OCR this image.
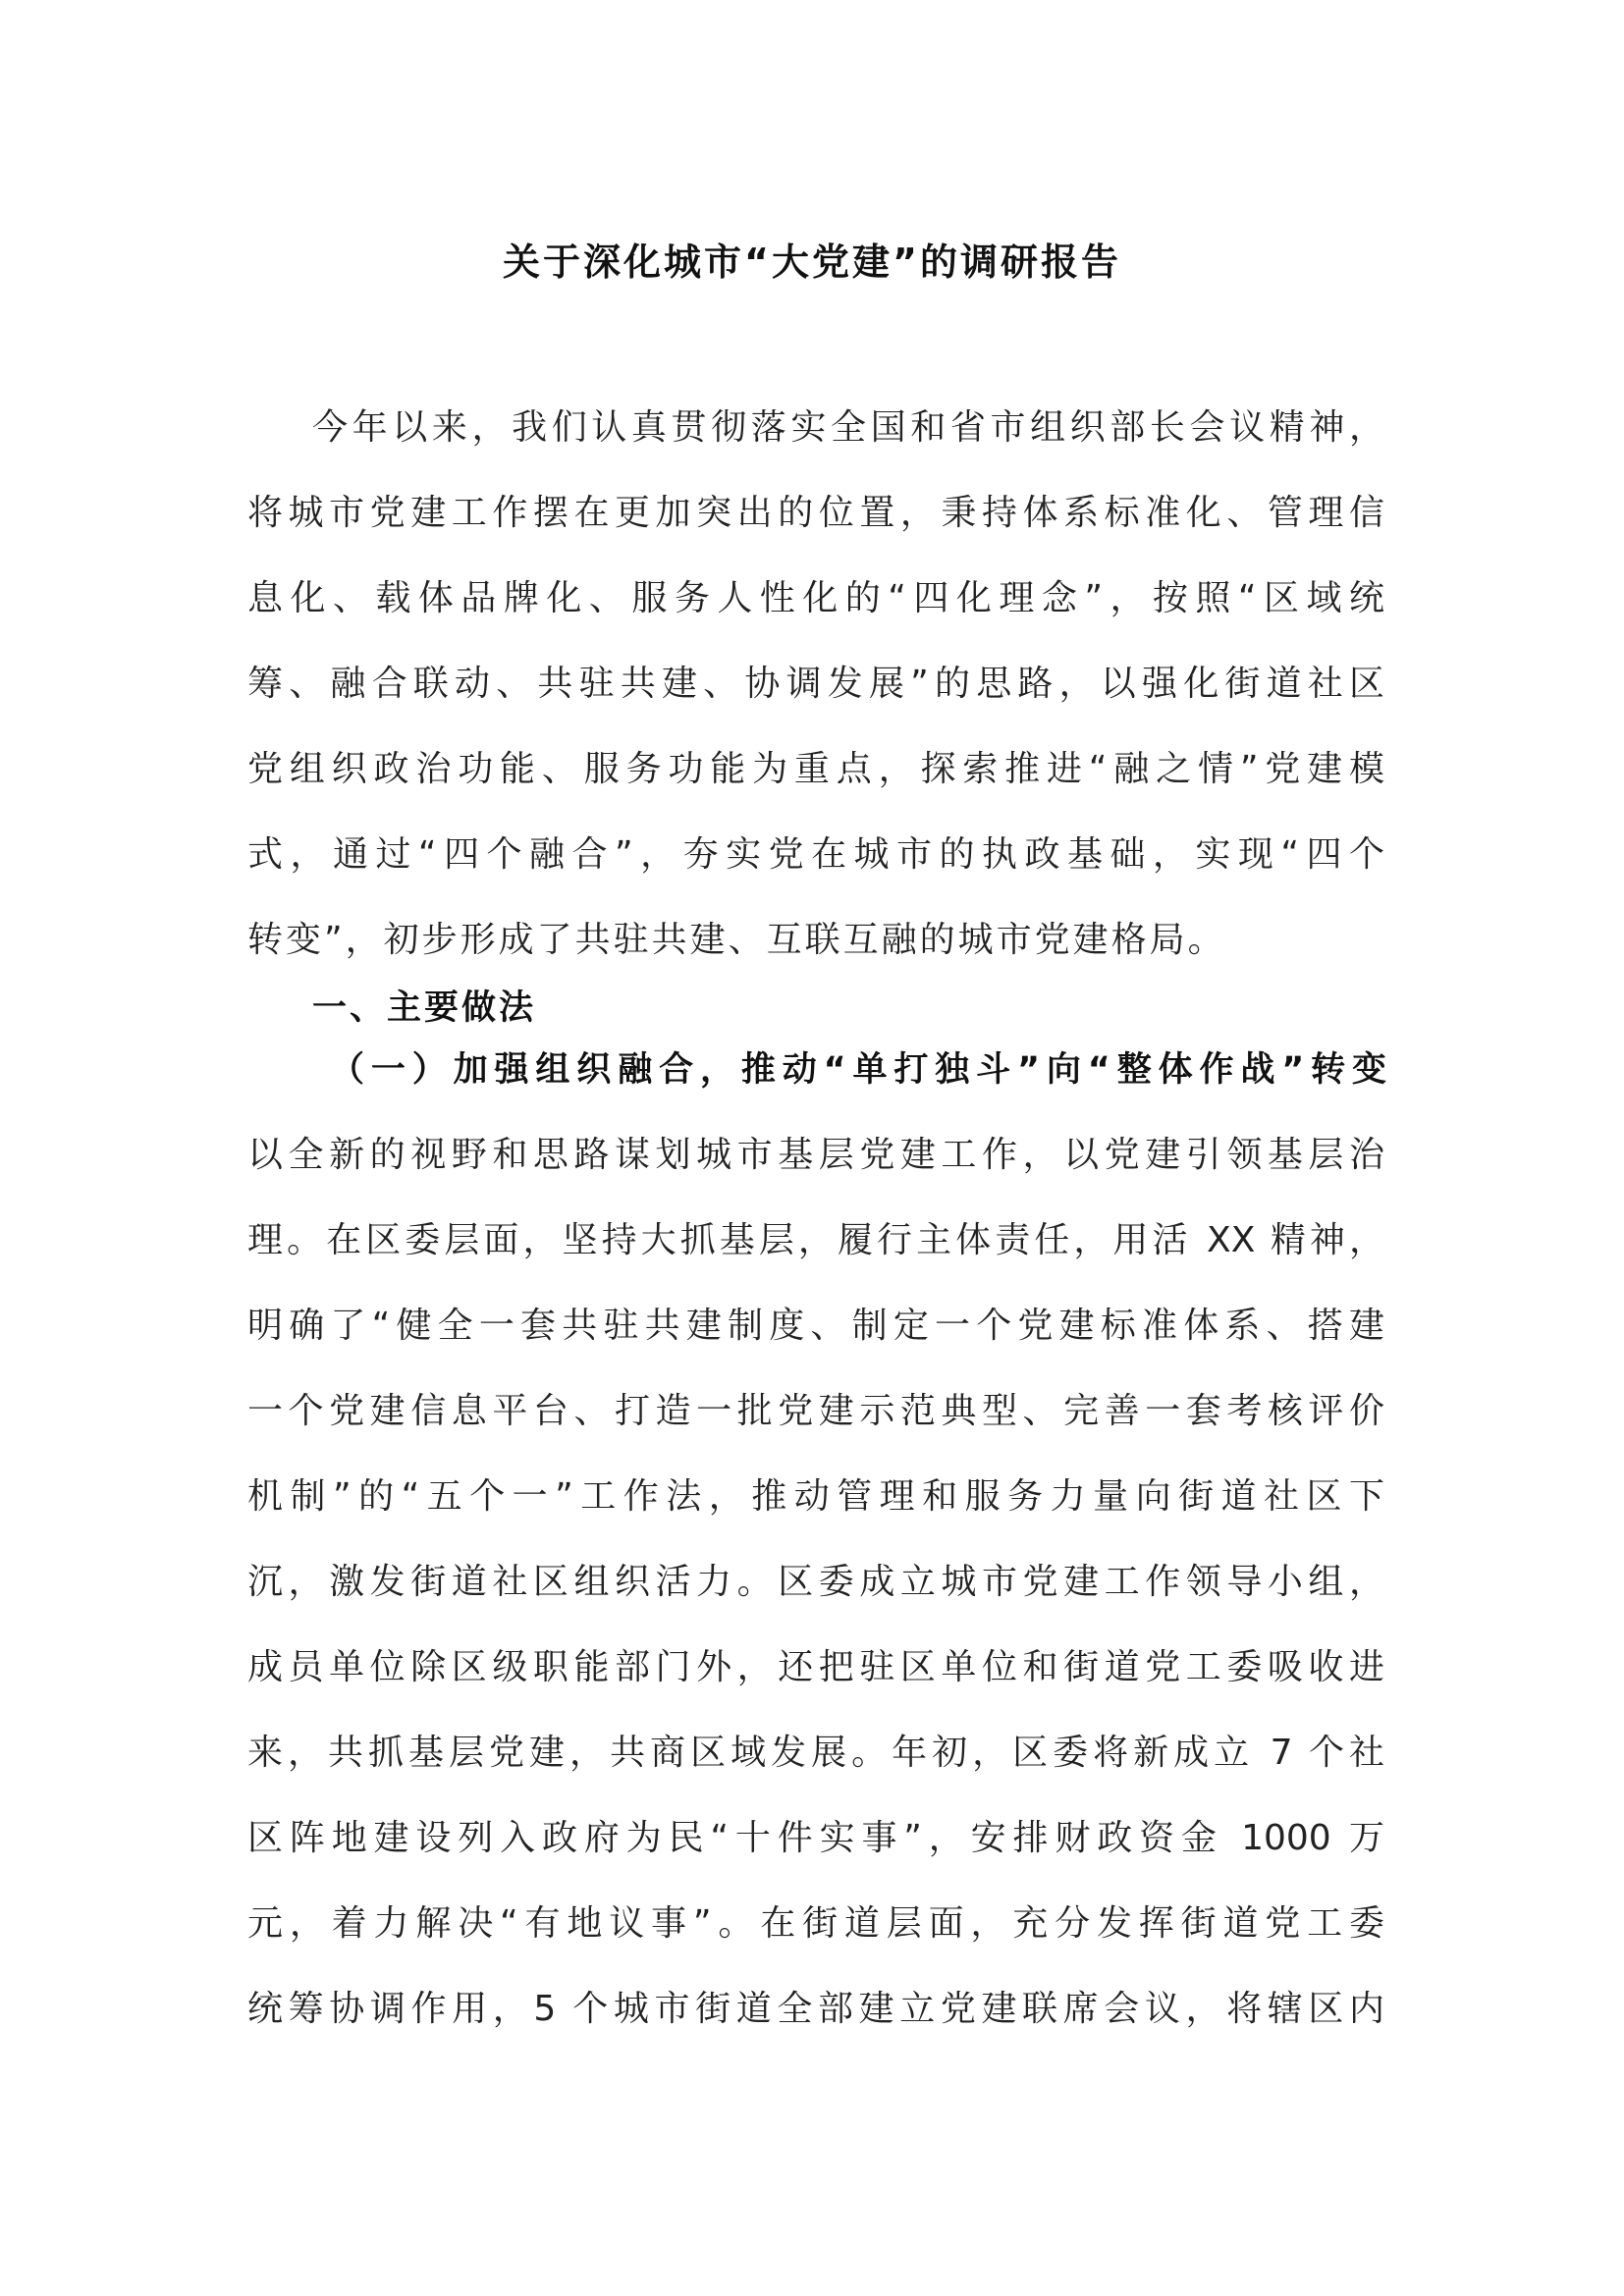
关于深化城市“大党建”的调研报告
今年以来，我们认真贯彻落实全国和省市组织部长会议精神，
将城市党建工作摆在更加突出的位置，秉持体系标准化、管理信
息化、载体品牌化、服务人性化的“四化理念”，按照“区域统
筹、融合联动、共驻共建、协调发展”的思路，以强化街道社区
党组织政治功能、服务功能为重点，探索推进“融之情”党建模
式，通过“四个融合”，夯实党在城市的执政基础，实现“四个
转变”，初步形成了共驻共建、互联互融的城市党建格局。
一、主要做法
（一）加强组织融合，推动“单打独斗”向“整体作战”转变
以全新的视野和思路谋划城市基层党建工作，以党建引领基层治
理。在区委层面，坚持大抓基层，履行主体责任，用活 XX 精神，
明确了“健全一套共驻共建制度、制定一个党建标准体系、搭建
一个党建信息平台、打造一批党建示范典型、完善一套考核评价
机制”的“五个一”工作法，推动管理和服务力量向街道社区下
沉，激发街道社区组织活力。区委成立城市党建工作领导小组，
成员单位除区级职能部门外，还把驻区单位和街道党工委吸收进
来，共抓基层党建，共商区域发展。年初，区委将新成立 7 个社
区阵地建设列入政府为民“十件实事”，安排财政资金 1000 万
元，着力解决“有地议事”。在街道层面，充分发挥街道党工委
统筹协调作用，5 个城市街道全部建立党建联席会议，将辖区内
